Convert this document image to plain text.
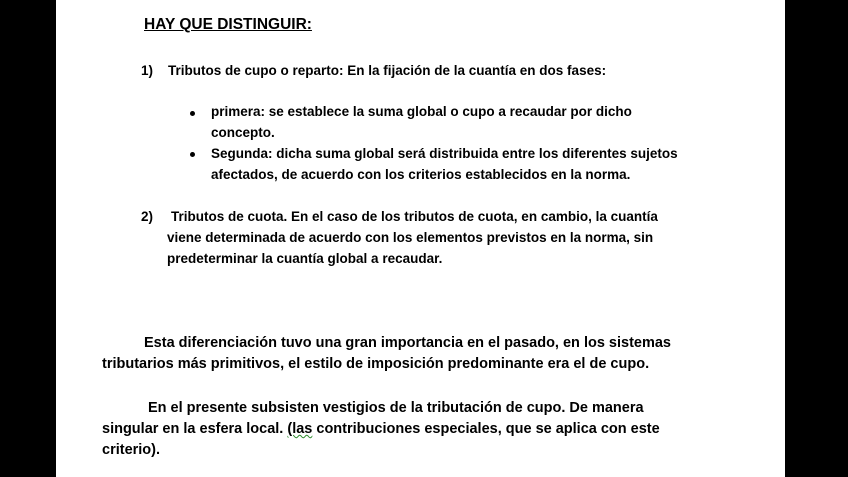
HAY QUE DISTINGUIR:

1) Tributos de cupo o reparto: En la fijación de la cuantía en dos fases:
primera: se establece la suma global o cupo a recaudar por dicho
concepto.
Segunda: dicha suma global será distribuida entre los diferentes sujetos
afectados, de acuerdo con los criterios establecidos en la norma.
2) Tributos de cuota. En el caso de los tributos de cuota, en cambio, la cuantía
viene determinada de acuerdo con los elementos previstos en la norma, sin
predeterminar la cuantía global a recaudar.
Esta diferenciación tuvo una gran importancia en el pasado, en los sistemas
tributarios más primitivos, el estilo de imposición predominante era el de cupo.
En el presente subsisten vestigios de la tributación de cupo. De manera
singular en la esfera local. (las contribuciones especiales, que se aplica con este
criterio).
